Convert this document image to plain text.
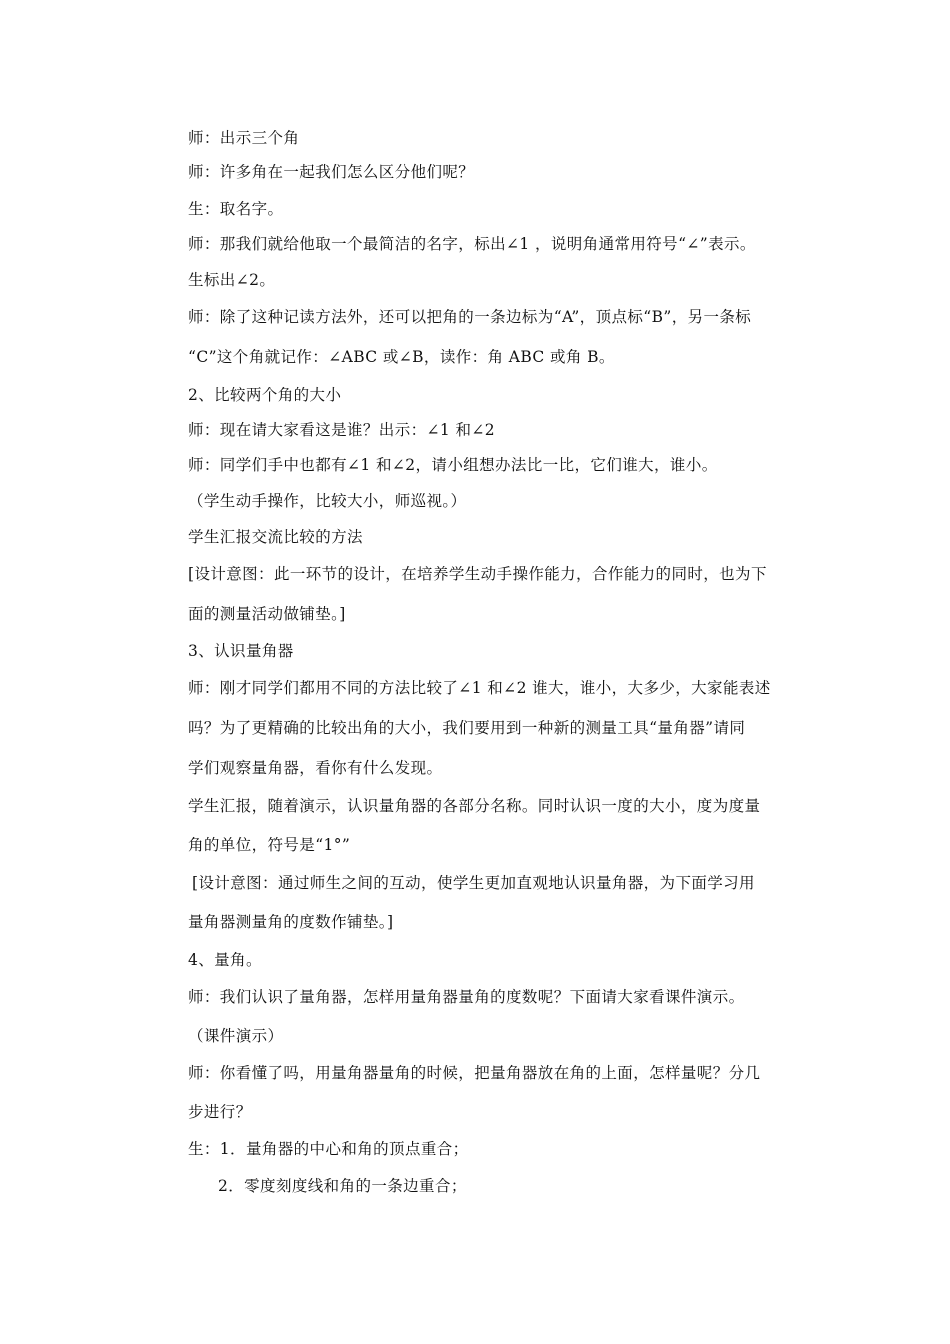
师：出示三个角
师：许多角在一起我们怎么区分他们呢？
生：取名字。
师：那我们就给他取一个最简洁的名字，标出∠1 ，说明角通常用符号“∠”表示。
生标出∠2。
师：除了这种记读方法外，还可以把角的一条边标为“A”，顶点标“B”，另一条标
“C”这个角就记作：∠ABC 或∠B，读作：角 ABC 或角 B。
2、比较两个角的大小
师：现在请大家看这是谁？出示：∠1 和∠2
师：同学们手中也都有∠1 和∠2，请小组想办法比一比，它们谁大，谁小。
（学生动手操作，比较大小，师巡视。）
学生汇报交流比较的方法
[设计意图：此一环节的设计，在培养学生动手操作能力，合作能力的同时，也为下
面的测量活动做铺垫。]
3、认识量角器
师：刚才同学们都用不同的方法比较了∠1 和∠2 谁大，谁小，大多少，大家能表述
吗？为了更精确的比较出角的大小，我们要用到一种新的测量工具“量角器”请同
学们观察量角器，看你有什么发现。
学生汇报，随着演示，认识量角器的各部分名称。同时认识一度的大小，度为度量
角的单位，符号是“1°”
[设计意图：通过师生之间的互动，使学生更加直观地认识量角器，为下面学习用
量角器测量角的度数作铺垫。]
4、量角。
师：我们认识了量角器，怎样用量角器量角的度数呢？下面请大家看课件演示。
（课件演示）
师：你看懂了吗，用量角器量角的时候，把量角器放在角的上面，怎样量呢？分几
步进行？
生：1．量角器的中心和角的顶点重合；
2．零度刻度线和角的一条边重合；
